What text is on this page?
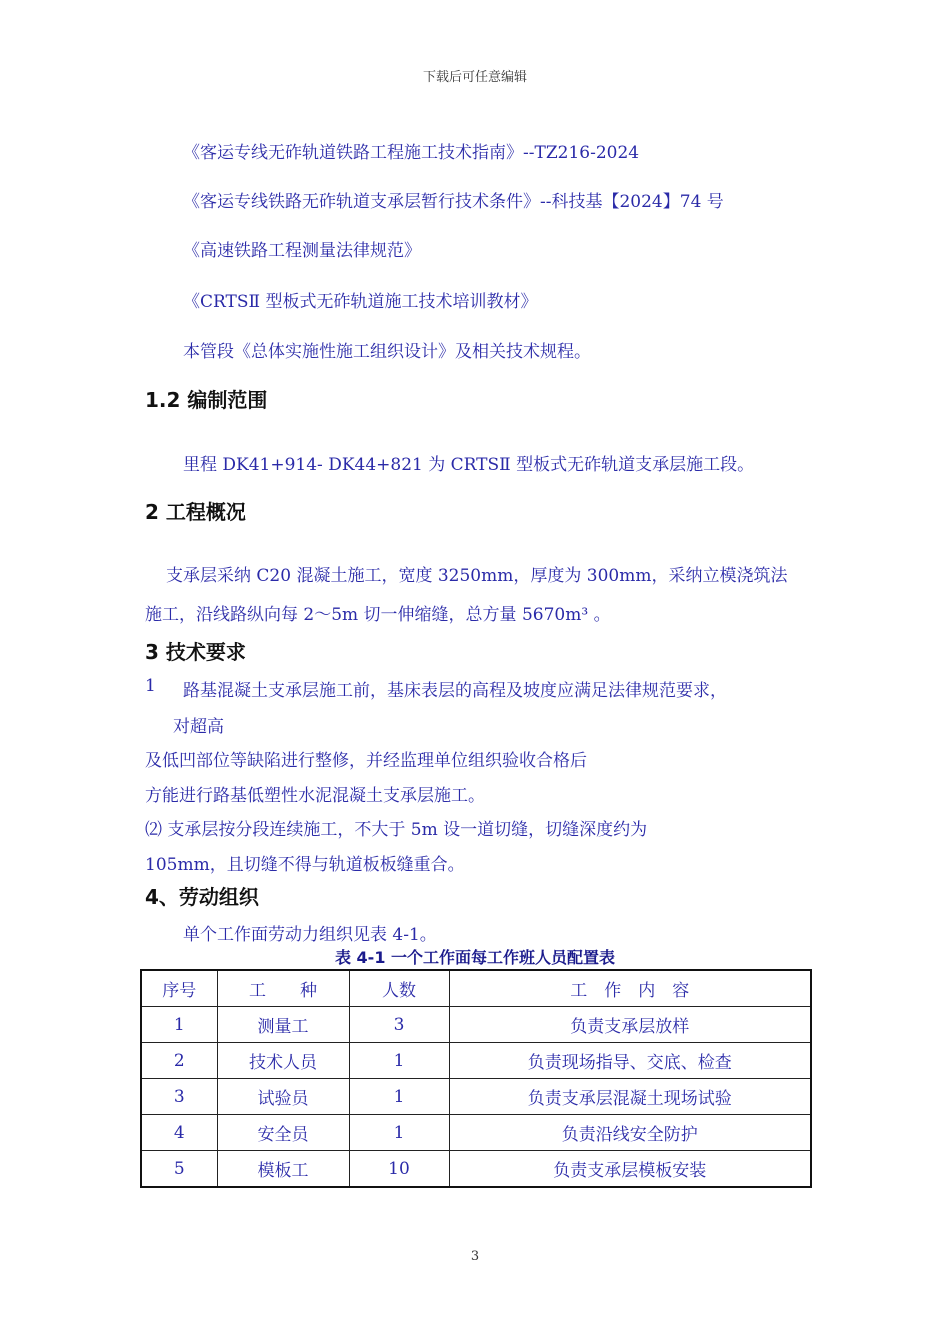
下载后可任意编辑
《客运专线无砟轨道铁路工程施工技术指南》--TZ216-2024
《客运专线铁路无砟轨道支承层暂行技术条件》--科技基【2024】74 号
《高速铁路工程测量法律规范》
《CRTSⅡ 型板式无砟轨道施工技术培训教材》
本管段《总体实施性施工组织设计》及相关技术规程。
1.2 编制范围
里程 DK41+914- DK44+821 为 CRTSⅡ 型板式无砟轨道支承层施工段。
2 工程概况
支承层采纳 C20 混凝土施工，宽度 3250mm，厚度为 300mm，采纳立模浇筑法
施工，沿线路纵向每 2～5m 切一伸缩缝，总方量 5670m³ 。
3 技术要求
1 路基混凝土支承层施工前，基床表层的高程及坡度应满足法律规范要求，
对超高
及低凹部位等缺陷进行整修，并经监理单位组织验收合格后
方能进行路基低塑性水泥混凝土支承层施工。
⑵ 支承层按分段连续施工，不大于 5m 设一道切缝，切缝深度约为
105mm，且切缝不得与轨道板板缝重合。
4、劳动组织
单个工作面劳动力组织见表 4-1。
表 4-1 一个工作面每工作班人员配置表
序号	工　　种	人数	工　作　内　容
1	测量工	3	负责支承层放样
2	技术人员	1	负责现场指导、交底、检查
3	试验员	1	负责支承层混凝土现场试验
4	安全员	1	负责沿线安全防护
5	模板工	10	负责支承层模板安装
3
